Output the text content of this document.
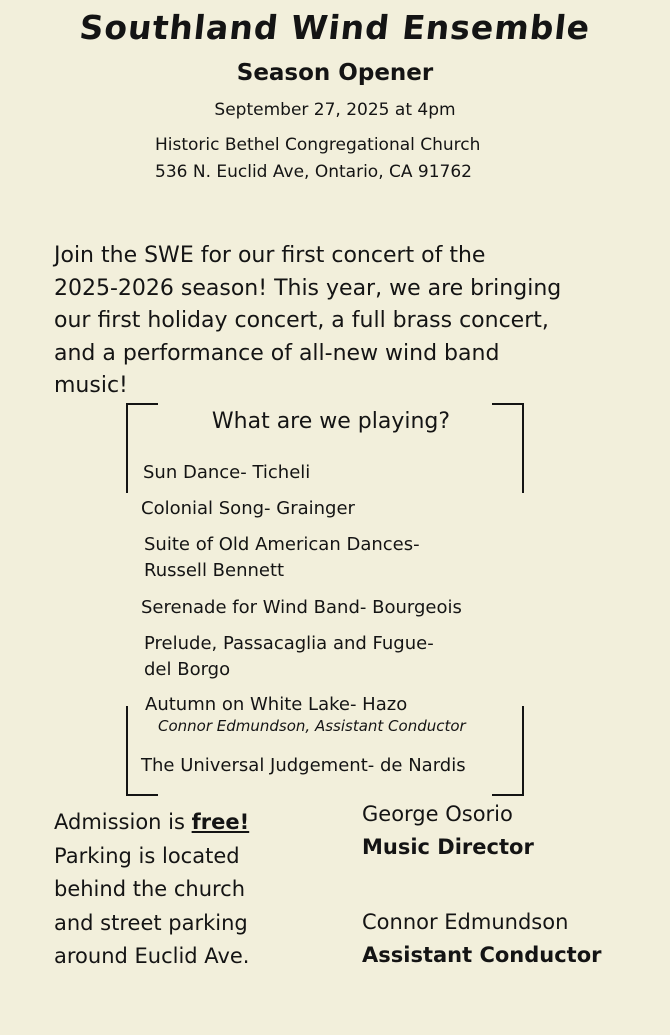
Southland Wind Ensemble
Season Opener
September 27, 2025 at 4pm
Historic Bethel Congregational Church
536 N. Euclid Ave, Ontario, CA 91762
Join the SWE for our first concert of the
2025-2026 season! This year, we are bringing
our first holiday concert, a full brass concert,
and a performance of all-new wind band
music!
What are we playing?
Sun Dance- Ticheli
Colonial Song- Grainger
Suite of Old American Dances-
Russell Bennett
Serenade for Wind Band- Bourgeois
Prelude, Passacaglia and Fugue-
del Borgo
Autumn on White Lake- Hazo
Connor Edmundson, Assistant Conductor
The Universal Judgement- de Nardis
Admission is free!
Parking is located
behind the church
and street parking
around Euclid Ave.
George Osorio
Music Director
Connor Edmundson
Assistant Conductor
